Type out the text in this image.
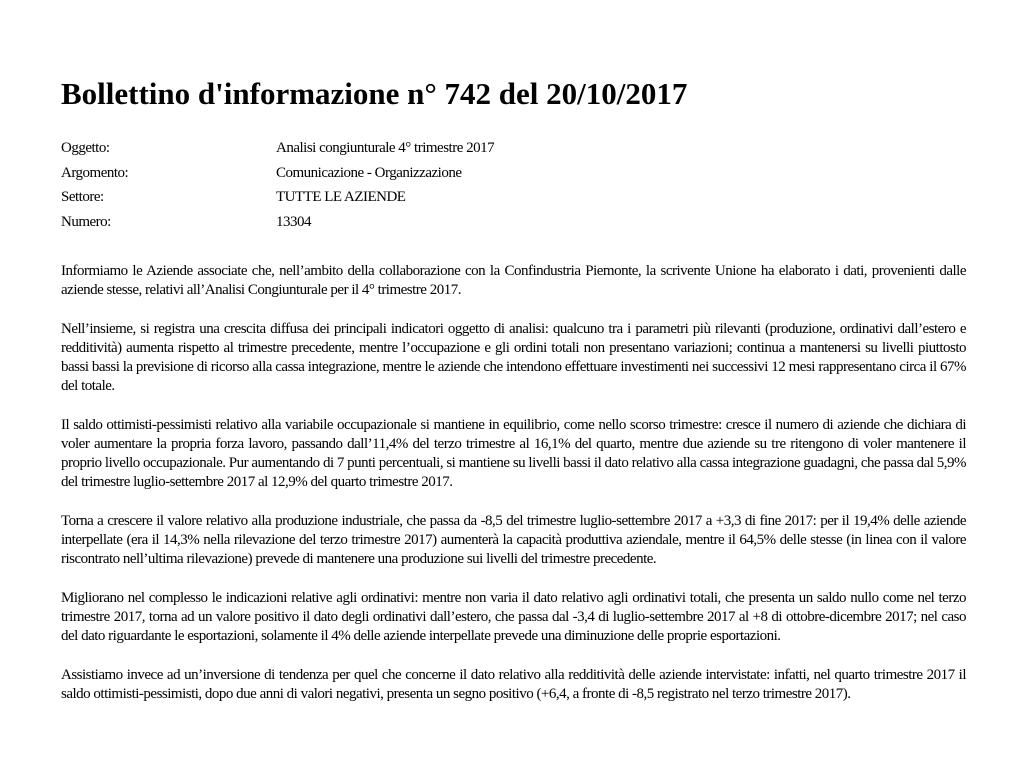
Bollettino d'informazione n° 742 del 20/10/2017
Oggetto:	Analisi congiunturale 4° trimestre 2017
Argomento:	Comunicazione - Organizzazione
Settore:	TUTTE LE AZIENDE
Numero:	13304

Informiamo le Aziende associate che, nell’ambito della collaborazione con la Confindustria Piemonte, la scrivente Unione ha elaborato i dati, provenienti dalle aziende stesse, relativi all’Analisi Congiunturale per il 4° trimestre 2017.

Nell’insieme, si registra una crescita diffusa dei principali indicatori oggetto di analisi: qualcuno tra i parametri più rilevanti (produzione, ordinativi dall’estero e redditività) aumenta rispetto al trimestre precedente, mentre l’occupazione e gli ordini totali non presentano variazioni; continua a mantenersi su livelli piuttosto bassi bassi la previsione di ricorso alla cassa integrazione, mentre le aziende che intendono effettuare investimenti nei successivi 12 mesi rappresentano circa il 67% del totale.

Il saldo ottimisti-pessimisti relativo alla variabile occupazionale si mantiene in equilibrio, come nello scorso trimestre: cresce il numero di aziende che dichiara di voler aumentare la propria forza lavoro, passando dall’11,4% del terzo trimestre al 16,1% del quarto, mentre due aziende su tre ritengono di voler mantenere il proprio livello occupazionale. Pur aumentando di 7 punti percentuali, si mantiene su livelli bassi il dato relativo alla cassa integrazione guadagni, che passa dal 5,9% del trimestre luglio-settembre 2017 al 12,9% del quarto trimestre 2017.

Torna a crescere il valore relativo alla produzione industriale, che passa da -8,5 del trimestre luglio-settembre 2017 a +3,3 di fine 2017: per il 19,4% delle aziende interpellate (era il 14,3% nella rilevazione del terzo trimestre 2017) aumenterà la capacità produttiva aziendale, mentre il 64,5% delle stesse (in linea con il valore riscontrato nell’ultima rilevazione) prevede di mantenere una produzione sui livelli del trimestre precedente.

Migliorano nel complesso le indicazioni relative agli ordinativi: mentre non varia il dato relativo agli ordinativi totali, che presenta un saldo nullo come nel terzo trimestre 2017, torna ad un valore positivo il dato degli ordinativi dall’estero, che passa dal -3,4 di luglio-settembre 2017 al +8 di ottobre-dicembre 2017; nel caso del dato riguardante le esportazioni, solamente il 4% delle aziende interpellate prevede una diminuzione delle proprie esportazioni.

Assistiamo invece ad un’inversione di tendenza per quel che concerne il dato relativo alla redditività delle aziende intervistate: infatti, nel quarto trimestre 2017 il saldo ottimisti-pessimisti, dopo due anni di valori negativi, presenta un segno positivo (+6,4, a fronte di -8,5 registrato nel terzo trimestre 2017).
